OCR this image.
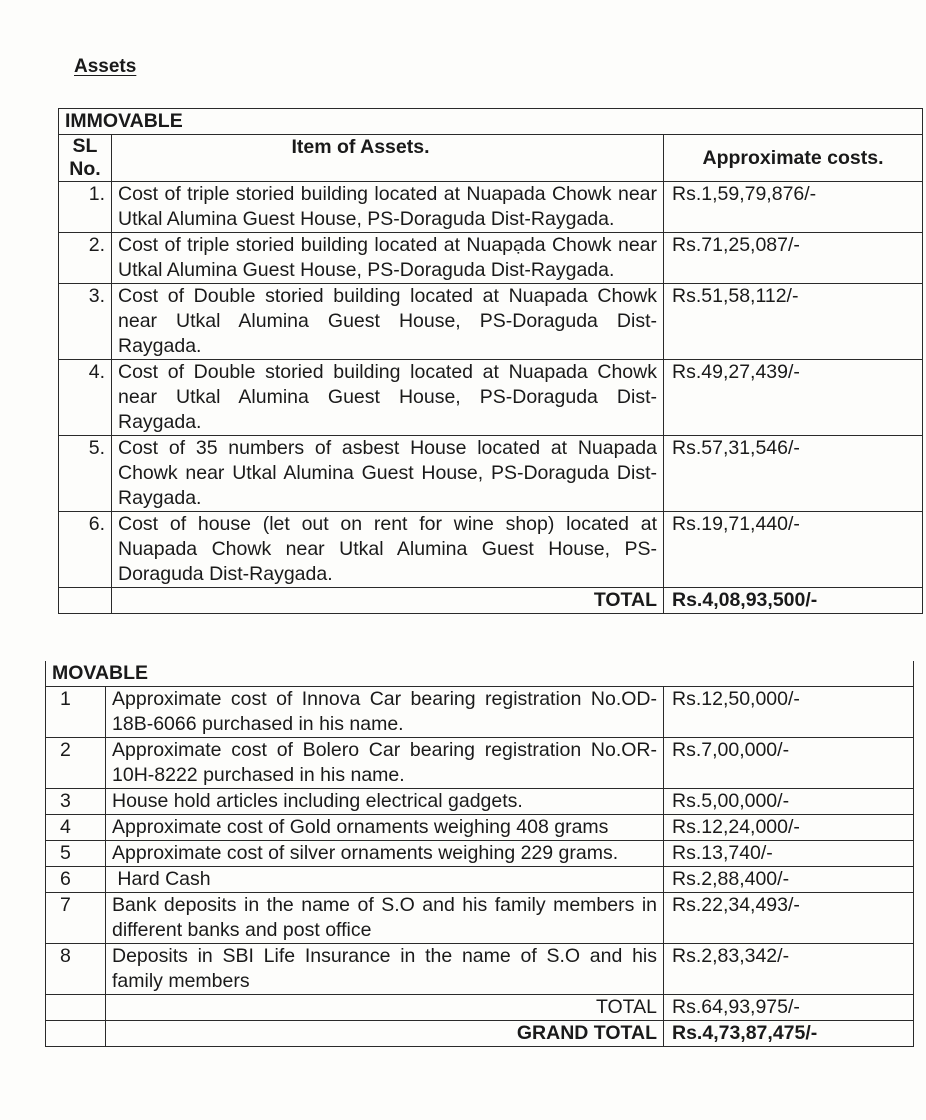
Assets
IMMOVABLE		
SL No.	Item of Assets.	Approximate costs.
1.	Cost of triple storied building located at Nuapada Chowk near Utkal Alumina Guest House, PS-Doraguda Dist-Raygada.	Rs.1,59,79,876/-
2.	Cost of triple storied building located at Nuapạda Chowk near Utkal Alumina Guest House, PS-Doraguda Dist-Raygada.	Rs.71,25,087/-
3.	Cost of Double storied building located at Nuapada Chowk near Utkal Alumina Guest House, PS-Doraguda Dist-Raygada.	Rs.51,58,112/-
4.	Cost of Double storied building located at Nuapada Chowk near Utkal Alumina Guest House, PS-Doraguda Dist-Raygada.	Rs.49,27,439/-
5.	Cost of 35 numbers of asbest House located at Nuapada Chowk near Utkal Alumina Guest House, PS-Doraguda Dist-Raygada.	Rs.57,31,546/-
6.	Cost of house (let out on rent for wine shop) located at Nuapada Chowk near Utkal Alumina Guest House, PS-Doraguda Dist-Raygada.	Rs.19,71,440/-
	TOTAL	Rs.4,08,93,500/-
MOVABLE		
1	Approximate cost of Innova Car bearing registration No.OD-18B-6066 purchased in his name.	Rs.12,50,000/-
2	Approximate cost of Bolero Car bearing registration No.OR-10H-8222 purchased in his name.	Rs.7,00,000/-
3	House hold articles including electrical gadgets.	Rs.5,00,000/-
4	Approximate cost of Gold ornaments weighing 408 grams	Rs.12,24,000/-
5	Approximate cost of silver ornaments weighing 229 grams.	Rs.13,740/-
6	Hard Cash	Rs.2,88,400/-
7	Bank deposits in the name of S.O and his family members in different banks and post office	Rs.22,34,493/-
8	Deposits in SBI Life Insurance in the name of S.O and his family members	Rs.2,83,342/-
	TOTAL	Rs.64,93,975/-
	GRAND TOTAL	Rs.4,73,87,475/-
